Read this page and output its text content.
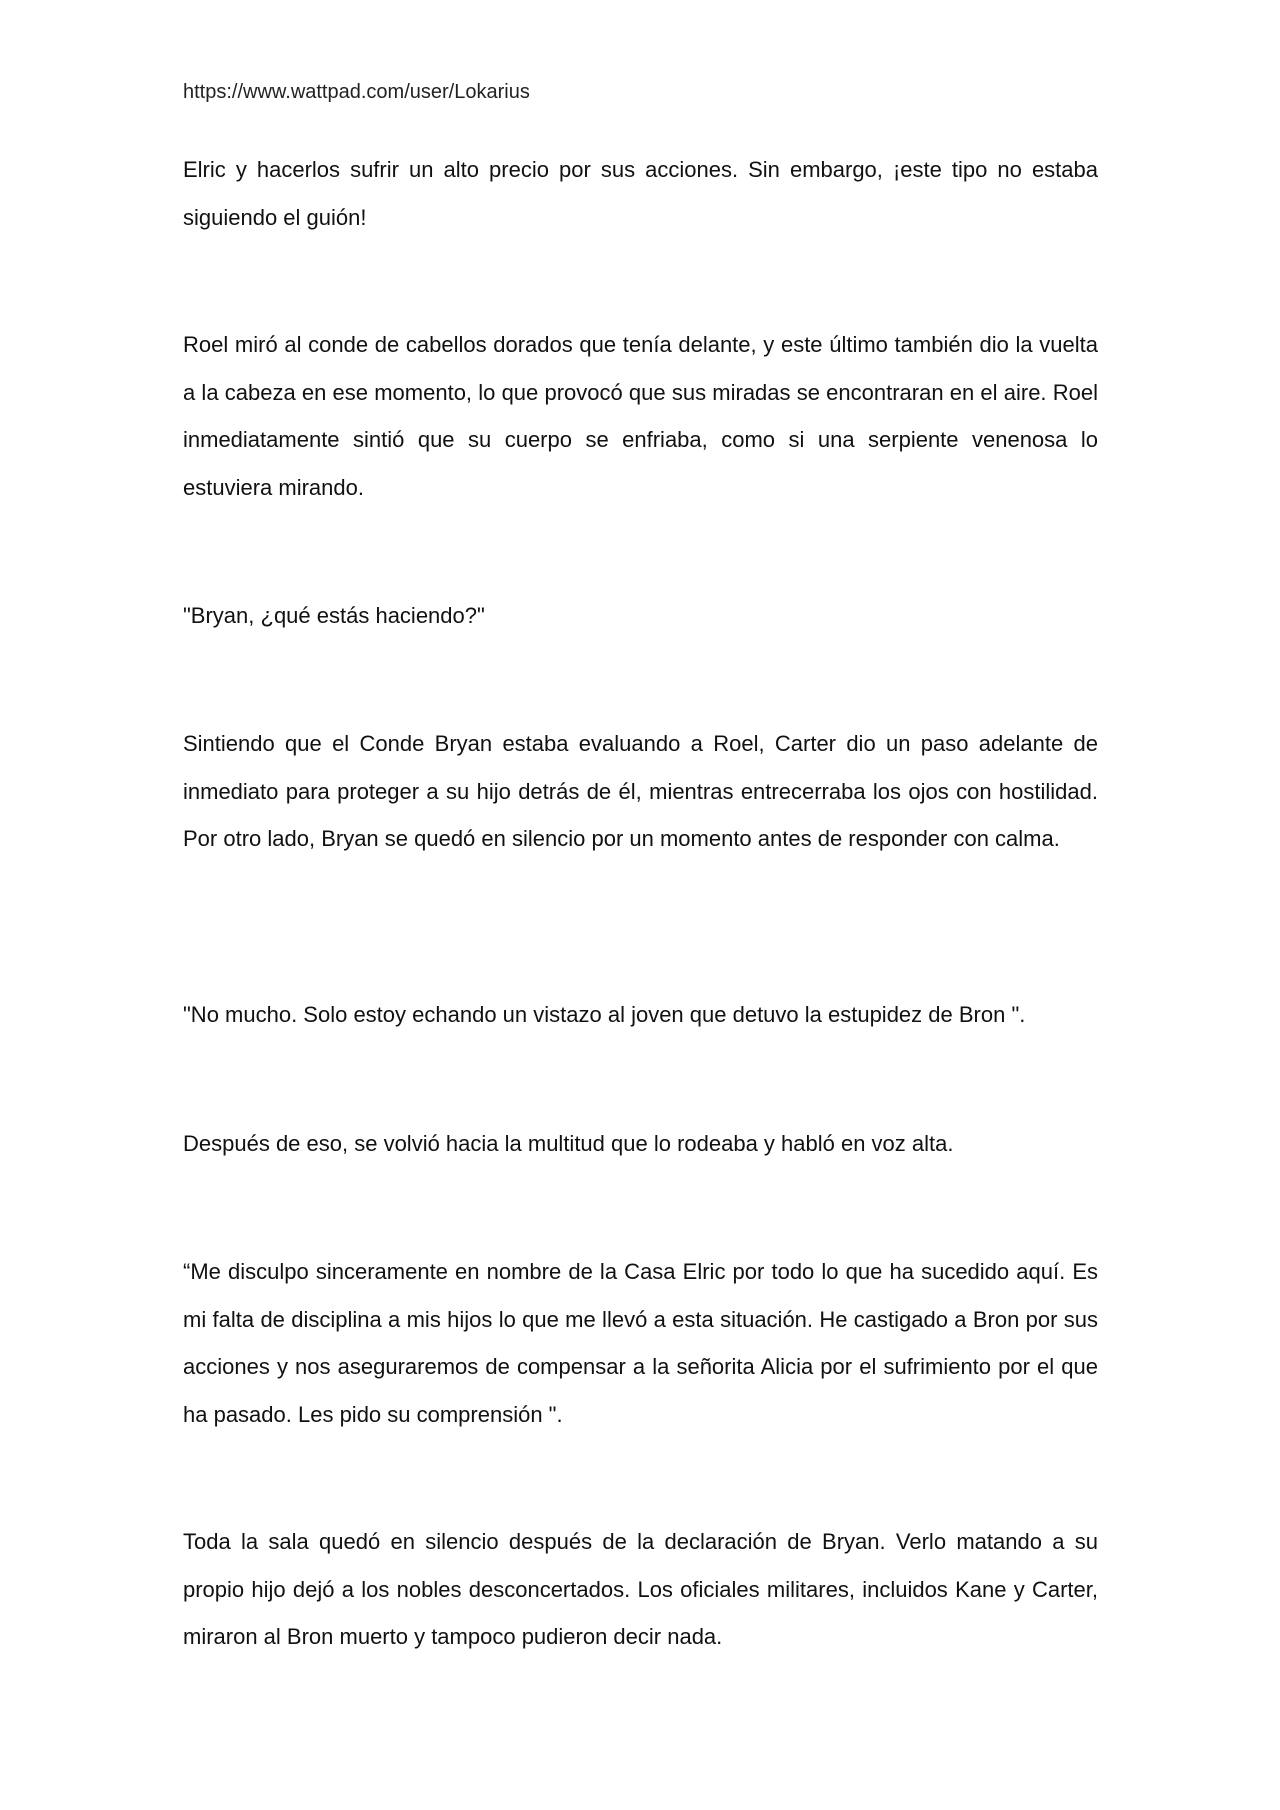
https://www.wattpad.com/user/Lokarius

Elric y hacerlos sufrir un alto precio por sus acciones. Sin embargo, ¡este tipo no estaba siguiendo el guión!

Roel miró al conde de cabellos dorados que tenía delante, y este último también dio la vuelta a la cabeza en ese momento, lo que provocó que sus miradas se encontraran en el aire. Roel inmediatamente sintió que su cuerpo se enfriaba, como si una serpiente venenosa lo estuviera mirando.

"Bryan, ¿qué estás haciendo?"

Sintiendo que el Conde Bryan estaba evaluando a Roel, Carter dio un paso adelante de inmediato para proteger a su hijo detrás de él, mientras entrecerraba los ojos con hostilidad. Por otro lado, Bryan se quedó en silencio por un momento antes de responder con calma.

"No mucho. Solo estoy echando un vistazo al joven que detuvo la estupidez de Bron ".

Después de eso, se volvió hacia la multitud que lo rodeaba y habló en voz alta.

“Me disculpo sinceramente en nombre de la Casa Elric por todo lo que ha sucedido aquí. Es mi falta de disciplina a mis hijos lo que me llevó a esta situación. He castigado a Bron por sus acciones y nos aseguraremos de compensar a la señorita Alicia por el sufrimiento por el que ha pasado. Les pido su comprensión ".

Toda la sala quedó en silencio después de la declaración de Bryan. Verlo matando a su propio hijo dejó a los nobles desconcertados. Los oficiales militares, incluidos Kane y Carter, miraron al Bron muerto y tampoco pudieron decir nada.
